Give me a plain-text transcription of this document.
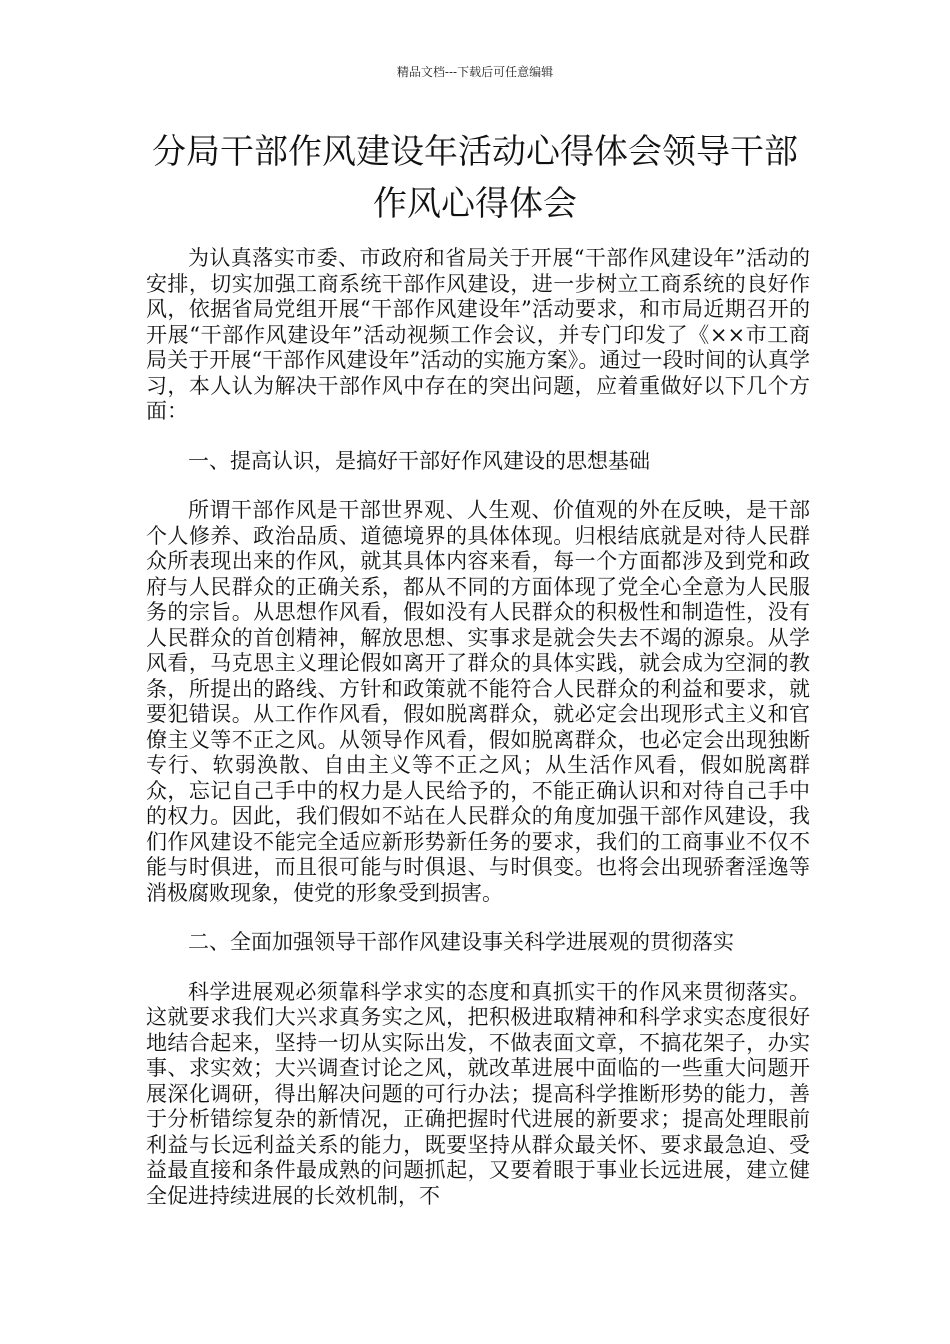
精品文档---下载后可任意编辑
分局干部作风建设年活动心得体会领导干部作风心得体会

为认真落实市委、市政府和省局关于开展“干部作风建设年”活动的安排，切实加强工商系统干部作风建设，进一步树立工商系统的良好作风，依据省局党组开展“干部作风建设年”活动要求，和市局近期召开的开展“干部作风建设年”活动视频工作会议，并专门印发了《××市工商局关于开展“干部作风建设年”活动的实施方案》。通过一段时间的认真学习，本人认为解决干部作风中存在的突出问题，应着重做好以下几个方面：

一、提高认识，是搞好干部好作风建设的思想基础

所谓干部作风是干部世界观、人生观、价值观的外在反映，是干部个人修养、政治品质、道德境界的具体体现。归根结底就是对待人民群众所表现出来的作风，就其具体内容来看，每一个方面都涉及到党和政府与人民群众的正确关系，都从不同的方面体现了党全心全意为人民服务的宗旨。从思想作风看，假如没有人民群众的积极性和制造性，没有人民群众的首创精神，解放思想、实事求是就会失去不竭的源泉。从学风看，马克思主义理论假如离开了群众的具体实践，就会成为空洞的教条，所提出的路线、方针和政策就不能符合人民群众的利益和要求，就要犯错误。从工作作风看，假如脱离群众，就必定会出现形式主义和官僚主义等不正之风。从领导作风看，假如脱离群众，也必定会出现独断专行、软弱涣散、自由主义等不正之风；从生活作风看，假如脱离群众，忘记自己手中的权力是人民给予的，不能正确认识和对待自己手中的权力。因此，我们假如不站在人民群众的角度加强干部作风建设，我们作风建设不能完全适应新形势新任务的要求，我们的工商事业不仅不能与时俱进，而且很可能与时俱退、与时俱变。也将会出现骄奢淫逸等消极腐败现象，使党的形象受到损害。

二、全面加强领导干部作风建设事关科学进展观的贯彻落实

科学进展观必须靠科学求实的态度和真抓实干的作风来贯彻落实。这就要求我们大兴求真务实之风，把积极进取精神和科学求实态度很好地结合起来，坚持一切从实际出发，不做表面文章，不搞花架子，办实事、求实效；大兴调查讨论之风，就改革进展中面临的一些重大问题开展深化调研，得出解决问题的可行办法；提高科学推断形势的能力，善于分析错综复杂的新情况，正确把握时代进展的新要求；提高处理眼前利益与长远利益关系的能力，既要坚持从群众最关怀、要求最急迫、受益最直接和条件最成熟的问题抓起，又要着眼于事业长远进展，建立健全促进持续进展的长效机制，不
